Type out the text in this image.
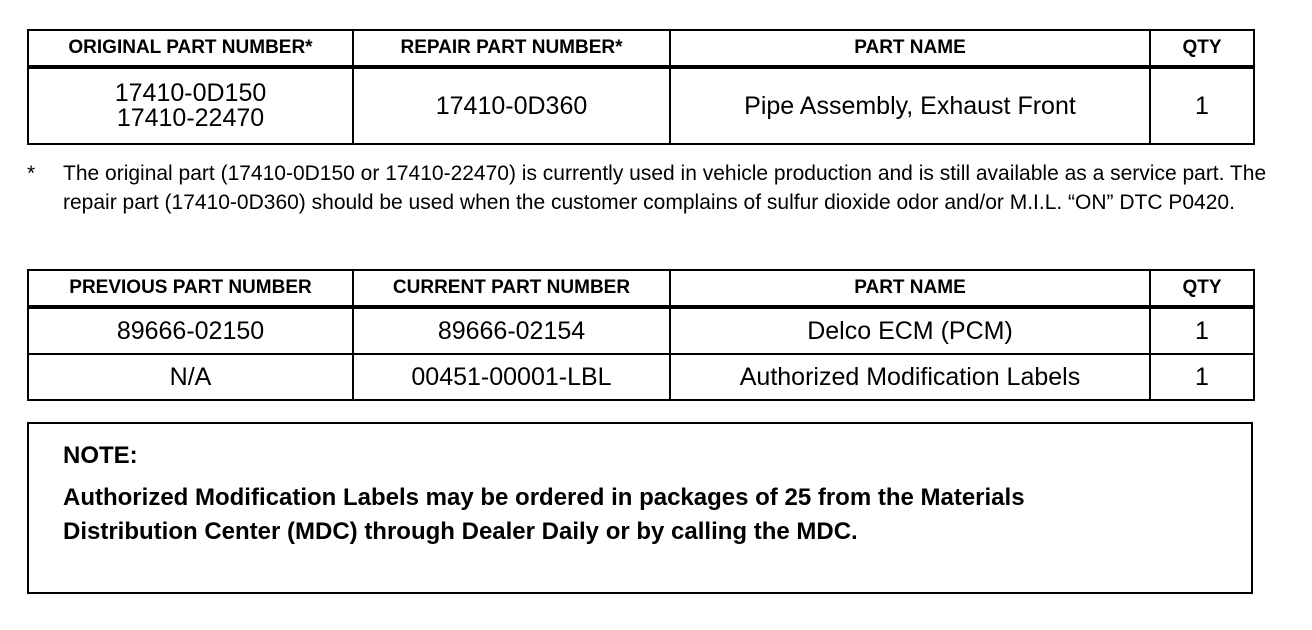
ORIGINAL PART NUMBER*	REPAIR PART NUMBER*	PART NAME	QTY

17410-0D150
17410-22470	17410-0D360	Pipe Assembly, Exhaust Front	1
* The original part (17410-0D150 or 17410-22470) is currently used in vehicle production and is still available as a service part. The repair part (17410-0D360) should be used when the customer complains of sulfur dioxide odor and/or M.I.L. “ON” DTC P0420.
PREVIOUS PART NUMBER	CURRENT PART NUMBER	PART NAME	QTY
89666-02150	89666-02154	Delco ECM (PCM)	1
N/A	00451-00001-LBL	Authorized Modification Labels	1
NOTE:
Authorized Modification Labels may be ordered in packages of 25 from the Materials Distribution Center (MDC) through Dealer Daily or by calling the MDC.
